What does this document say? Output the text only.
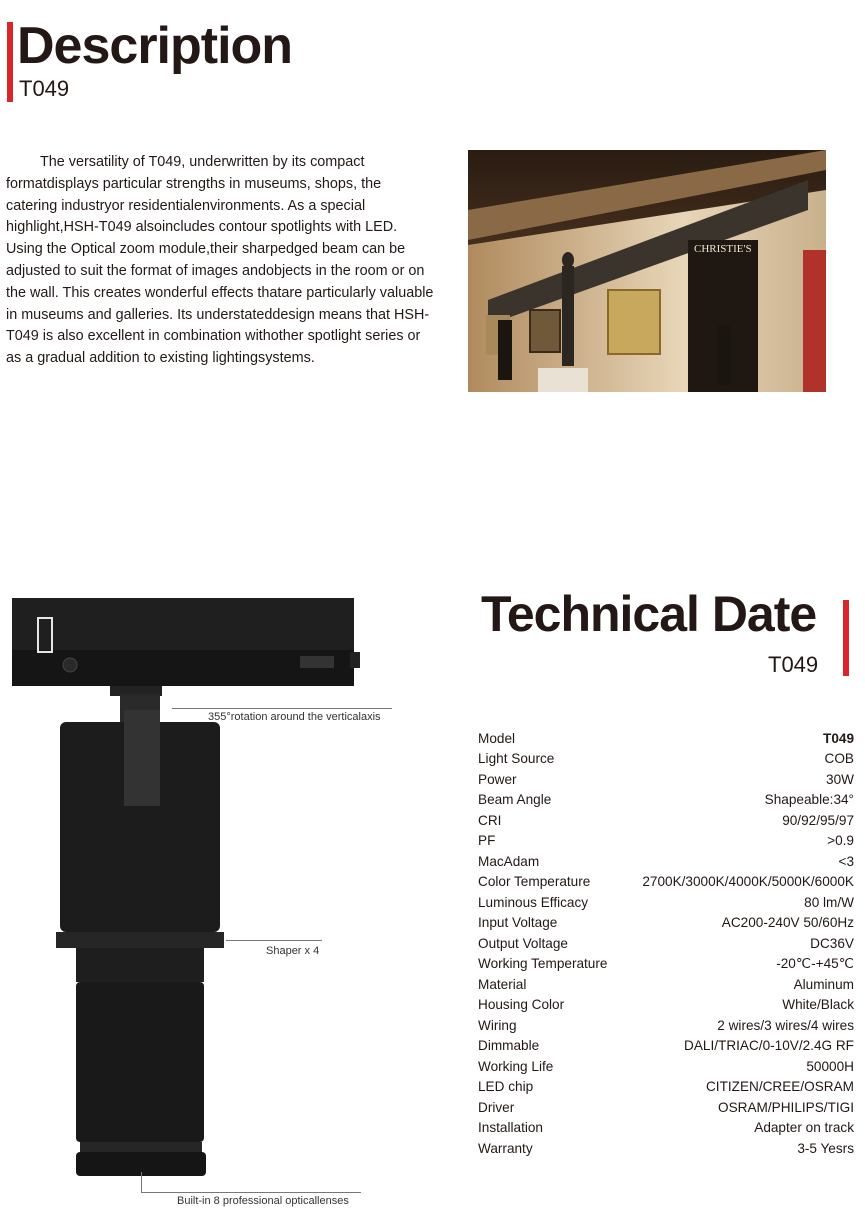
Description
T049

The versatility of T049, underwritten by its compact formatdisplays particular strengths in museums, shops, the catering industryor residentialenvironments. As a special highlight,HSH-T049 alsoincludes contour spotlights with LED. Using the Optical zoom module,their sharpedged beam can be adjusted to suit the format of images andobjects in the room or on the wall. This creates wonderful effects thatare particularly valuable in museums and galleries. Its understateddesign means that HSH-T049 is also excellent in combination withother spotlight series or as a gradual addition to existing lightingsystems.

CHRISTIE'S
355°rotation around the verticalaxis
Shaper x 4
Built-in 8 professional opticallenses
Technical Date
T049
Model	T049
Light Source	COB
Power	30W
Beam Angle	Shapeable:34°
CRI	90/92/95/97
PF	>0.9
MacAdam	<3
Color Temperature	2700K/3000K/4000K/5000K/6000K
Luminous Efficacy	80 lm/W
Input Voltage	AC200-240V 50/60Hz
Output Voltage	DC36V
Working Temperature	-20℃-+45℃
Material	Aluminum
Housing Color	White/Black
Wiring	2 wires/3 wires/4 wires
Dimmable	DALI/TRIAC/0-10V/2.4G RF
Working Life	50000H
LED chip	CITIZEN/CREE/OSRAM
Driver	OSRAM/PHILIPS/TIGI
Installation	Adapter on track
Warranty	3-5 Yesrs
